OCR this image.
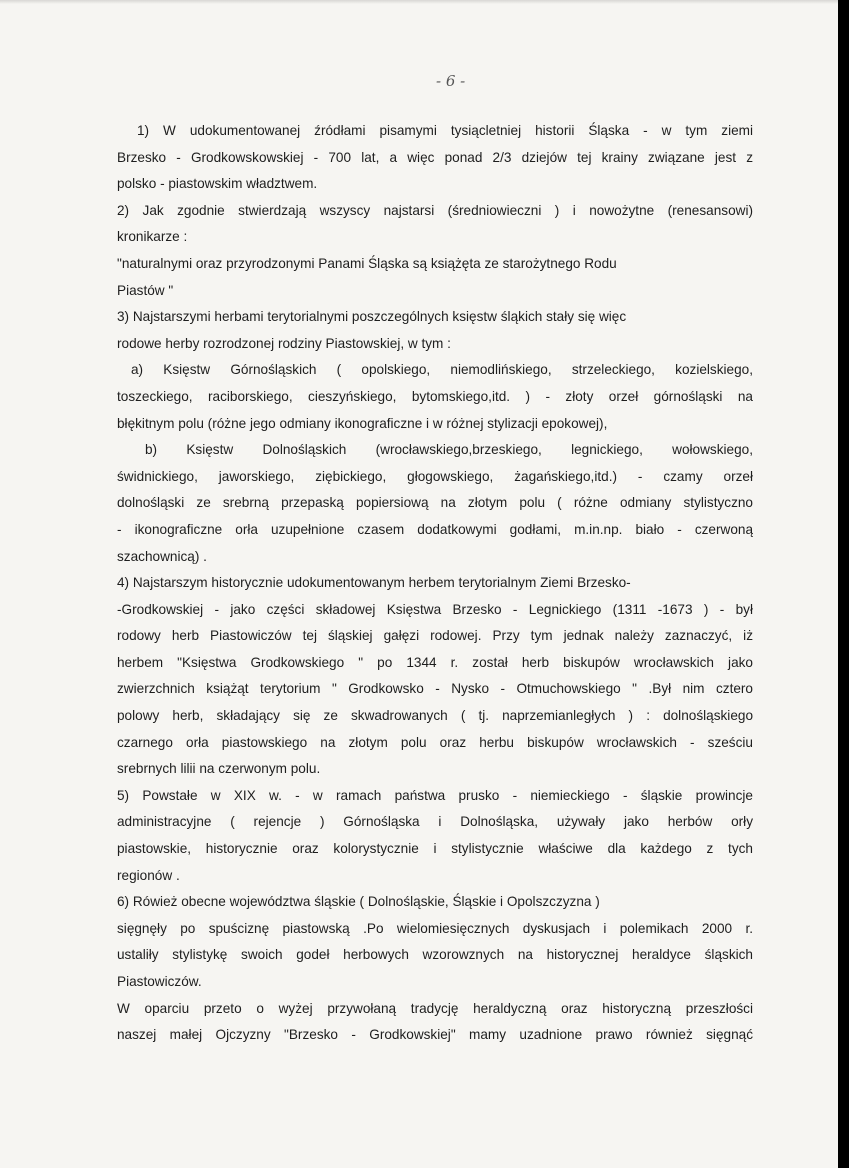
- 6 -

1) W udokumentowanej źródłami pisamymi tysiącletniej historii Śląska - w tym ziemi

Brzesko - Grodkowskowskiej - 700 lat, a więc ponad 2/3 dziejów tej krainy związane jest z

polsko - piastowskim władztwem.

2) Jak zgodnie stwierdzają wszyscy najstarsi (średniowieczni ) i nowożytne (renesansowi)

kronikarze :

"naturalnymi oraz przyrodzonymi Panami Śląska są książęta ze starożytnego Rodu

Piastów "

3) Najstarszymi herbami terytorialnymi poszczególnych księstw śląkich stały się więc

rodowe herby rozrodzonej rodziny Piastowskiej, w tym :

a) Księstw Górnośląskich ( opolskiego, niemodlińskiego, strzeleckiego, kozielskiego,

toszeckiego, raciborskiego, cieszyńskiego, bytomskiego,itd. ) - złoty orzeł górnośląski na

błękitnym polu (różne jego odmiany ikonograficzne i w różnej stylizacji epokowej),

b) Księstw Dolnośląskich (wrocławskiego,brzeskiego, legnickiego, wołowskiego,

świdnickiego, jaworskiego, ziębickiego, głogowskiego, żagańskiego,itd.) - czamy orzeł

dolnośląski ze srebrną przepaską popiersiową na złotym polu ( różne odmiany stylistyczno

- ikonograficzne orła uzupełnione czasem dodatkowymi godłami, m.in.np. biało - czerwoną

szachownicą) .

4) Najstarszym historycznie udokumentowanym herbem terytorialnym Ziemi Brzesko-

-Grodkowskiej - jako części składowej Księstwa Brzesko - Legnickiego (1311 -1673 ) - był

rodowy herb Piastowiczów tej śląskiej gałęzi rodowej. Przy tym jednak należy zaznaczyć, iż

herbem "Księstwa Grodkowskiego " po 1344 r. został herb biskupów wrocławskich jako

zwierzchnich książąt terytorium " Grodkowsko - Nysko - Otmuchowskiego " .Był nim cztero

polowy herb, składający się ze skwadrowanych ( tj. naprzemianległych ) : dolnośląskiego

czarnego orła piastowskiego na złotym polu oraz herbu biskupów wrocławskich - sześciu

srebrnych lilii na czerwonym polu.

5) Powstałe w XIX w. - w ramach państwa prusko - niemieckiego - śląskie prowincje

administracyjne ( rejencje ) Górnośląska i Dolnośląska, używały jako herbów orły

piastowskie, historycznie oraz kolorystycznie i stylistycznie właściwe dla każdego z tych

regionów .

6) Rówież obecne województwa śląskie ( Dolnośląskie, Śląskie i Opolszczyzna )

sięgnęły po spuściznę piastowską .Po wielomiesięcznych dyskusjach i polemikach 2000 r.

ustaliły stylistykę swoich godeł herbowych wzorowznych na historycznej heraldyce śląskich

Piastowiczów.

W oparciu przeto o wyżej przywołaną tradycję heraldyczną oraz historyczną przeszłości

naszej małej Ojczyzny "Brzesko - Grodkowskiej" mamy uzadnione prawo również sięgnąć
